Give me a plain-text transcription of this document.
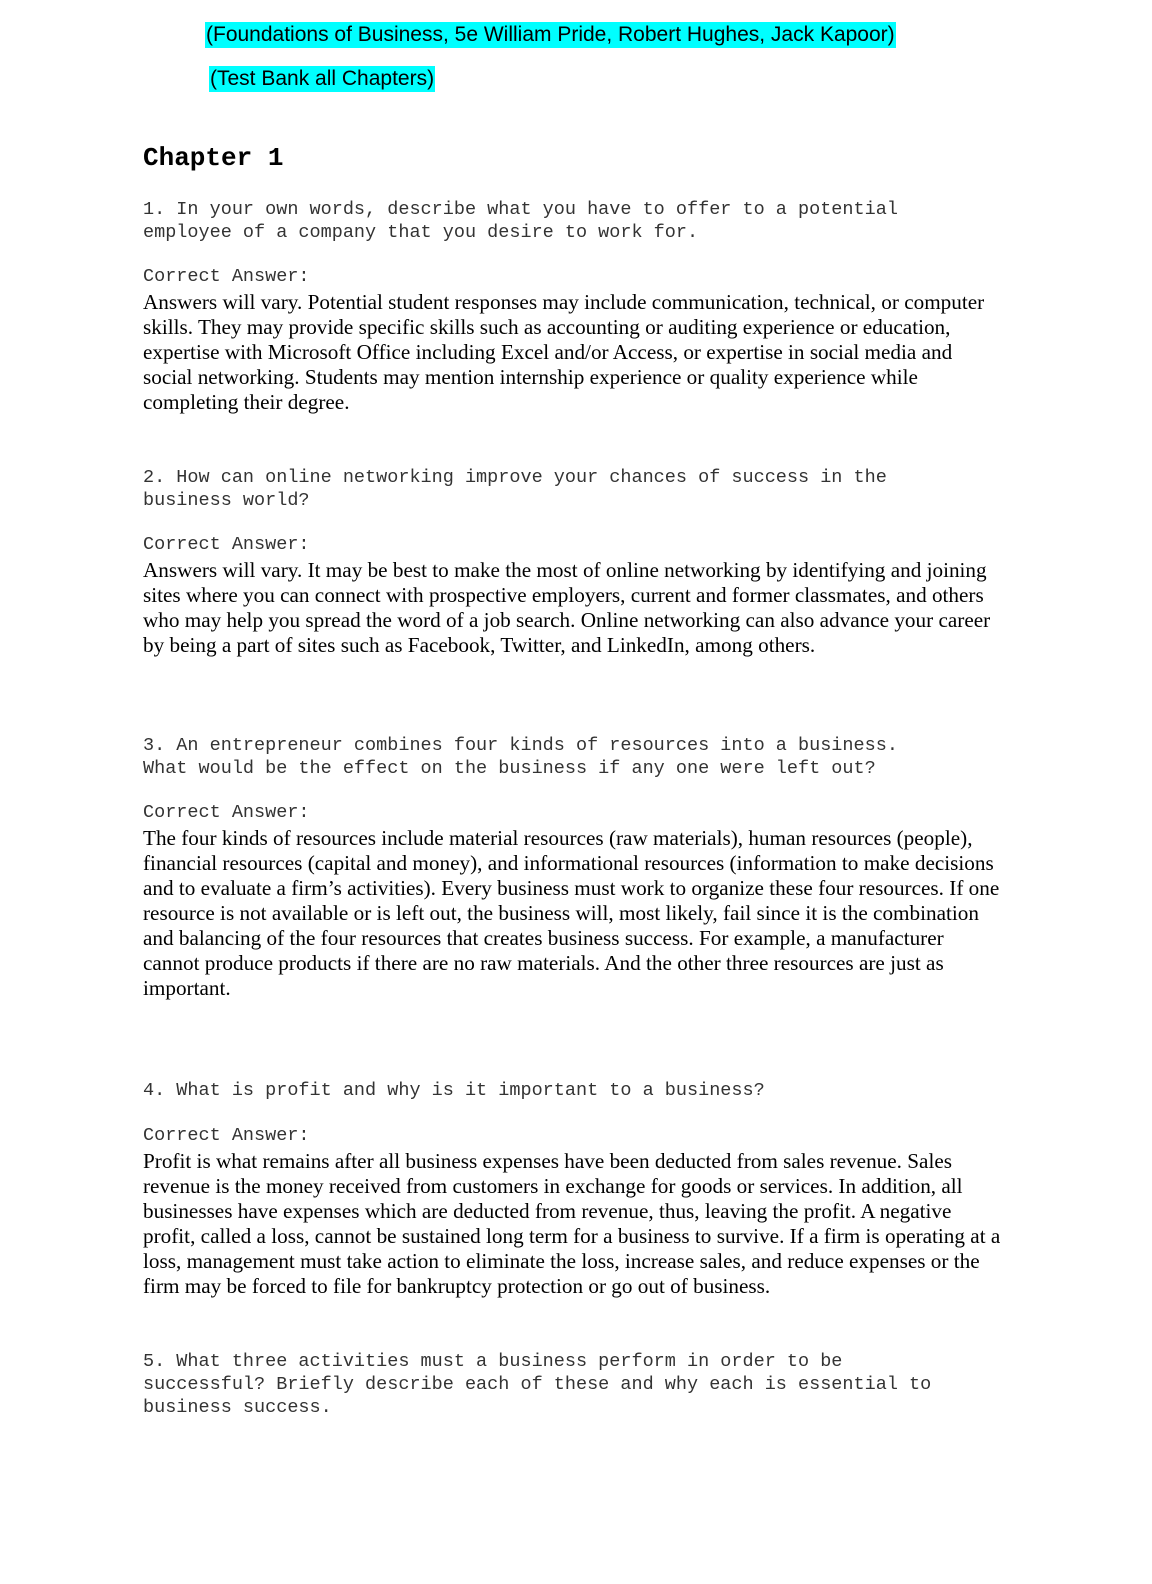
(Foundations of Business, 5e William Pride, Robert Hughes, Jack Kapoor)
(Test Bank all Chapters)
Chapter 1

1. In your own words, describe what you have to offer to a potential
employee of a company that you desire to work for.

Correct Answer:

Answers will vary. Potential student responses may include communication, technical, or computer skills. They may provide specific skills such as accounting or auditing experience or education, expertise with Microsoft Office including Excel and/or Access, or expertise in social media and social networking. Students may mention internship experience or quality experience while completing their degree.

2. How can online networking improve your chances of success in the
business world?

Correct Answer:

Answers will vary. It may be best to make the most of online networking by identifying and joining sites where you can connect with prospective employers, current and former classmates, and others who may help you spread the word of a job search. Online networking can also advance your career by being a part of sites such as Facebook, Twitter, and LinkedIn, among others.

3. An entrepreneur combines four kinds of resources into a business.
What would be the effect on the business if any one were left out?

Correct Answer:

The four kinds of resources include material resources (raw materials), human resources (people), financial resources (capital and money), and informational resources (information to make decisions and to evaluate a firm’s activities). Every business must work to organize these four resources. If one resource is not available or is left out, the business will, most likely, fail since it is the combination and balancing of the four resources that creates business success. For example, a manufacturer cannot produce products if there are no raw materials. And the other three resources are just as important.

4. What is profit and why is it important to a business?

Correct Answer:

Profit is what remains after all business expenses have been deducted from sales revenue. Sales revenue is the money received from customers in exchange for goods or services. In addition, all businesses have expenses which are deducted from revenue, thus, leaving the profit. A negative profit, called a loss, cannot be sustained long term for a business to survive. If a firm is operating at a loss, management must take action to eliminate the loss, increase sales, and reduce expenses or the firm may be forced to file for bankruptcy protection or go out of business.

5. What three activities must a business perform in order to be
successful? Briefly describe each of these and why each is essential to
business success.
